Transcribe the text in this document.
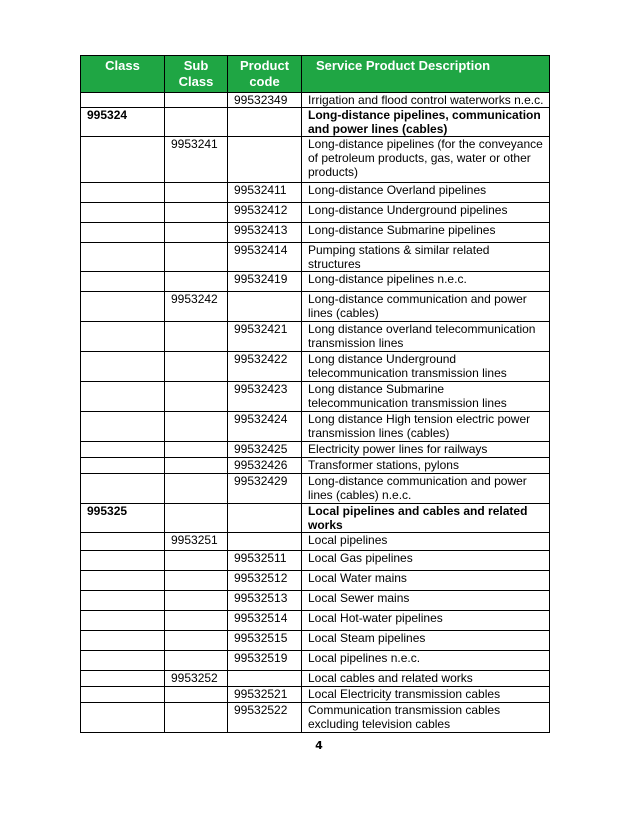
Class	Sub Class	Product code	Service Product Description
		99532349	Irrigation and flood control waterworks n.e.c.
995324			Long-distance pipelines, communication and power lines (cables)
	9953241		Long-distance pipelines (for the conveyance of petroleum products, gas, water or other products)
		99532411	Long-distance Overland pipelines
		99532412	Long-distance Underground pipelines
		99532413	Long-distance Submarine pipelines
		99532414	Pumping stations & similar related structures
		99532419	Long-distance pipelines n.e.c.
	9953242		Long-distance communication and power lines (cables)
		99532421	Long distance overland telecommunication transmission lines
		99532422	Long distance Underground telecommunication transmission lines
		99532423	Long distance Submarine telecommunication transmission lines
		99532424	Long distance High tension electric power transmission lines (cables)
		99532425	Electricity power lines for railways
		99532426	Transformer stations, pylons
		99532429	Long-distance communication and power lines (cables) n.e.c.
995325			Local pipelines and cables and related works
	9953251		Local pipelines
		99532511	Local Gas pipelines
		99532512	Local Water mains
		99532513	Local Sewer mains
		99532514	Local Hot-water pipelines
		99532515	Local Steam pipelines
		99532519	Local pipelines n.e.c.
	9953252		Local cables and related works
		99532521	Local Electricity transmission cables
		99532522	Communication transmission cables excluding television cables
4
